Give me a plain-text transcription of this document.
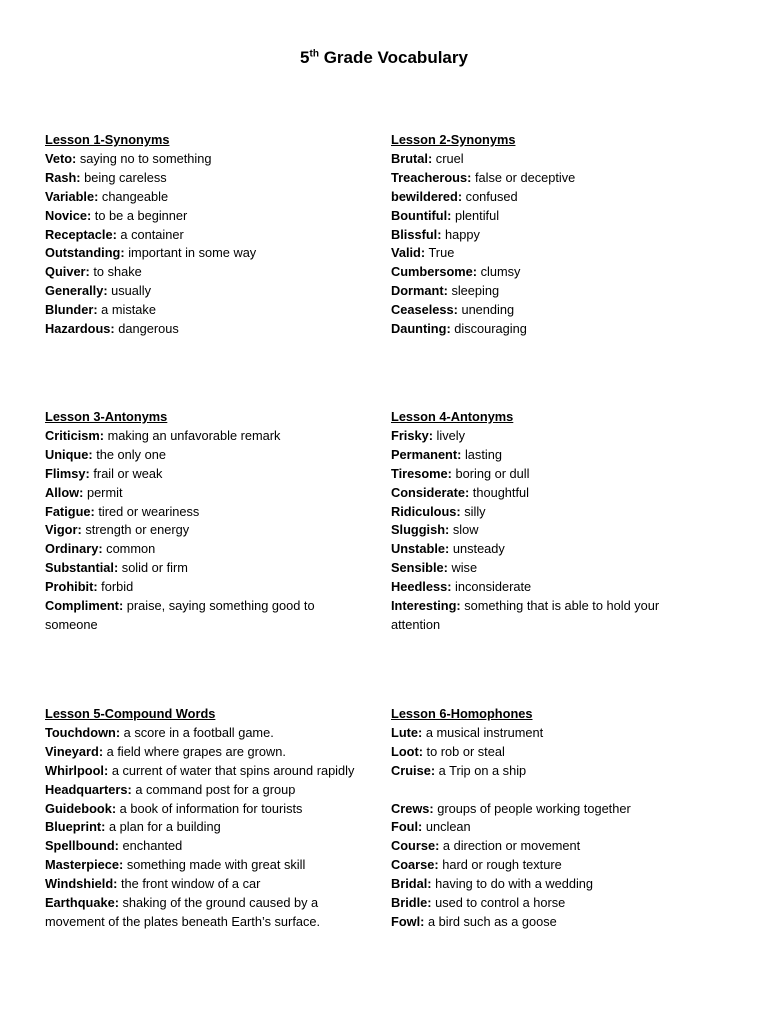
5th Grade Vocabulary
Lesson 1-Synonyms
Veto: saying no to something
Rash: being careless
Variable: changeable
Novice: to be a beginner
Receptacle: a container
Outstanding: important in some way
Quiver: to shake
Generally: usually
Blunder: a mistake
Hazardous: dangerous
Lesson 2-Synonyms
Brutal: cruel
Treacherous: false or deceptive
bewildered: confused
Bountiful: plentiful
Blissful: happy
Valid: True
Cumbersome: clumsy
Dormant: sleeping
Ceaseless: unending
Daunting: discouraging
Lesson 3-Antonyms
Criticism: making an unfavorable remark
Unique: the only one
Flimsy: frail or weak
Allow: permit
Fatigue: tired or weariness
Vigor: strength or energy
Ordinary: common
Substantial: solid or firm
Prohibit: forbid
Compliment: praise, saying something good to someone
Lesson 4-Antonyms
Frisky: lively
Permanent: lasting
Tiresome: boring or dull
Considerate: thoughtful
Ridiculous: silly
Sluggish: slow
Unstable: unsteady
Sensible: wise
Heedless: inconsiderate
Interesting: something that is able to hold your attention
Lesson 5-Compound Words
Touchdown: a score in a football game.
Vineyard: a field where grapes are grown.
Whirlpool: a current of water that spins around rapidly
Headquarters: a command post for a group
Guidebook: a book of information for tourists
Blueprint: a plan for a building
Spellbound: enchanted
Masterpiece: something made with great skill
Windshield: the front window of a car
Earthquake: shaking of the ground caused by a movement of the plates beneath Earth’s surface.
Lesson 6-Homophones
Lute: a musical instrument
Loot: to rob or steal
Cruise: a Trip on a ship
Crews: groups of people working together
Foul: unclean
Course: a direction or movement
Coarse: hard or rough texture
Bridal: having to do with a wedding
Bridle: used to control a horse
Fowl: a bird such as a goose
